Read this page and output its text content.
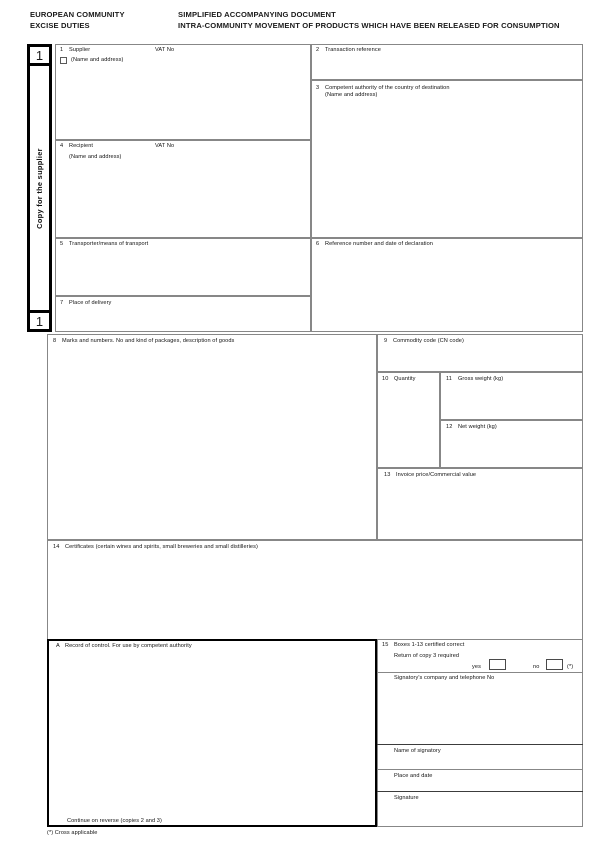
EUROPEAN COMMUNITY
EXCISE DUTIES
SIMPLIFIED ACCOMPANYING DOCUMENT
INTRA-COMMUNITY MOVEMENT OF PRODUCTS WHICH HAVE BEEN RELEASED FOR CONSUMPTION
Copy for the supplier
1
1
1 Supplier	VAT No
(Name and address)
4 Recipient	VAT No
(Name and address)
2 Transaction reference
3 Competent authority of the country of destination
(Name and address)
5 Transporter/means of transport
7 Place of delivery
6 Reference number and date of declaration
8 Marks and numbers. No and kind of packages, description of goods	9 Commodity code (CN code)
10 Quantity	11 Gross weight (kg)
12 Net weight (kg)
13 Invoice price/Commercial value
14 Certificates (certain wines and spirits, small breweries and small distilleries)
A Record of control. For use by competent authority
Continue on reverse (copies 2 and 3)
15 Boxes 1-13 certified correct
Return of copy 3 required
yes	no	(*)
Signatory's company and telephone No
Name of signatory
Place and date
Signature
(*) Cross applicable
